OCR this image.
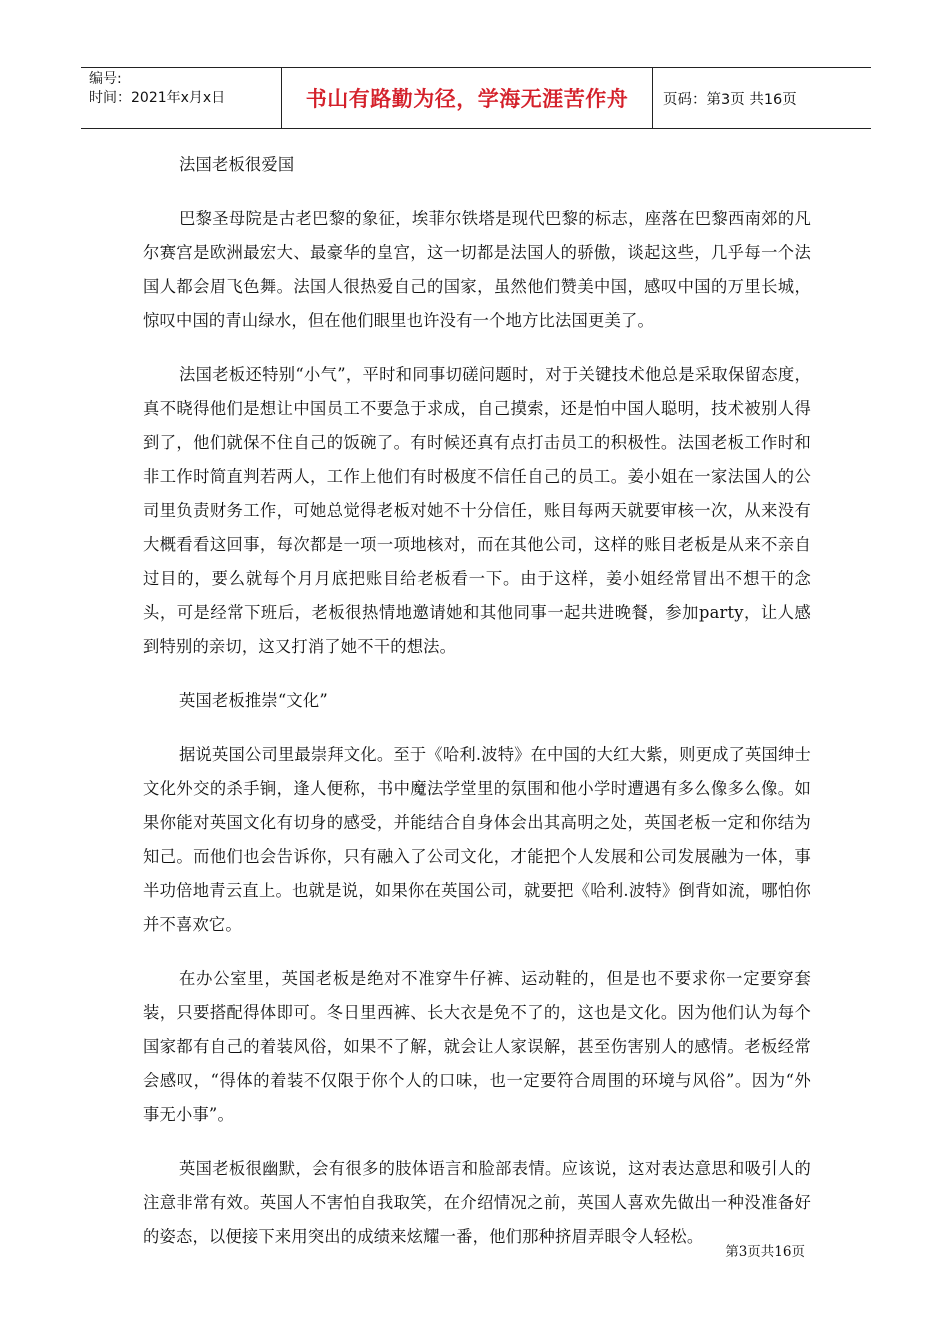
编号:
时间：2021年x月x日	书山有路勤为径，学海无涯苦作舟	页码：第3页 共16页

法国老板很爱国

巴黎圣母院是古老巴黎的象征，埃菲尔铁塔是现代巴黎的标志，座落在巴黎西南郊的凡尔赛宫是欧洲最宏大、最豪华的皇宫，这一切都是法国人的骄傲，谈起这些，几乎每一个法国人都会眉飞色舞。法国人很热爱自己的国家，虽然他们赞美中国，感叹中国的万里长城，惊叹中国的青山绿水，但在他们眼里也许没有一个地方比法国更美了。

法国老板还特别“小气”，平时和同事切磋问题时，对于关键技术他总是采取保留态度，真不晓得他们是想让中国员工不要急于求成，自己摸索，还是怕中国人聪明，技术被别人得到了，他们就保不住自己的饭碗了。有时候还真有点打击员工的积极性。法国老板工作时和非工作时简直判若两人，工作上他们有时极度不信任自己的员工。姜小姐在一家法国人的公司里负责财务工作，可她总觉得老板对她不十分信任，账目每两天就要审核一次，从来没有大概看看这回事，每次都是一项一项地核对，而在其他公司，这样的账目老板是从来不亲自过目的，要么就每个月月底把账目给老板看一下。由于这样，姜小姐经常冒出不想干的念头，可是经常下班后，老板很热情地邀请她和其他同事一起共进晚餐，参加party，让人感到特别的亲切，这又打消了她不干的想法。

英国老板推崇“文化”

据说英国公司里最崇拜文化。至于《哈利.波特》在中国的大红大紫，则更成了英国绅士文化外交的杀手锏，逢人便称，书中魔法学堂里的氛围和他小学时遭遇有多么像多么像。如果你能对英国文化有切身的感受，并能结合自身体会出其高明之处，英国老板一定和你结为知己。而他们也会告诉你，只有融入了公司文化，才能把个人发展和公司发展融为一体，事半功倍地青云直上。也就是说，如果你在英国公司，就要把《哈利.波特》倒背如流，哪怕你并不喜欢它。

在办公室里，英国老板是绝对不准穿牛仔裤、运动鞋的，但是也不要求你一定要穿套装，只要搭配得体即可。冬日里西裤、长大衣是免不了的，这也是文化。因为他们认为每个国家都有自己的着装风俗，如果不了解，就会让人家误解，甚至伤害别人的感情。老板经常会感叹，“得体的着装不仅限于你个人的口味，也一定要符合周围的环境与风俗”。因为“外事无小事”。

英国老板很幽默，会有很多的肢体语言和脸部表情。应该说，这对表达意思和吸引人的注意非常有效。英国人不害怕自我取笑，在介绍情况之前，英国人喜欢先做出一种没准备好的姿态，以便接下来用突出的成绩来炫耀一番，他们那种挤眉弄眼令人轻松。

第3页共16页
